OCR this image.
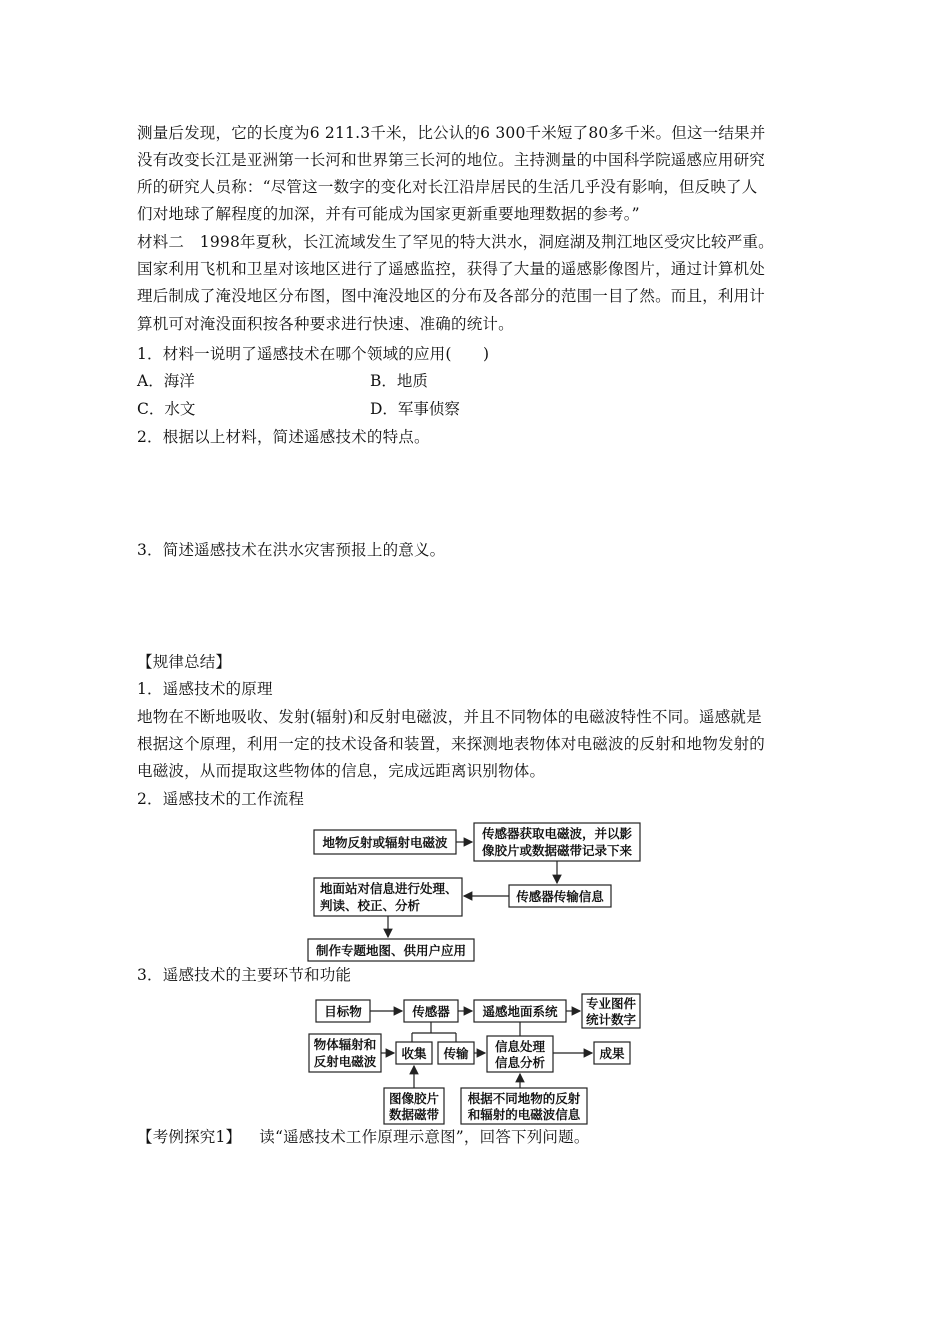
测量后发现，它的长度为6 211.3千米，比公认的6 300千米短了80多千米。但这一结果并
没有改变长江是亚洲第一长河和世界第三长河的地位。主持测量的中国科学院遥感应用研究
所的研究人员称：“尽管这一数字的变化对长江沿岸居民的生活几乎没有影响，但反映了人
们对地球了解程度的加深，并有可能成为国家更新重要地理数据的参考。”
材料二　1998年夏秋，长江流域发生了罕见的特大洪水，洞庭湖及荆江地区受灾比较严重。
国家利用飞机和卫星对该地区进行了遥感监控，获得了大量的遥感影像图片，通过计算机处
理后制成了淹没地区分布图，图中淹没地区的分布及各部分的范围一目了然。而且，利用计
算机可对淹没面积按各种要求进行快速、准确的统计。
1．材料一说明了遥感技术在哪个领域的应用(　　)
A．海洋	B．地质
C．水文	D．军事侦察
2．根据以上材料，简述遥感技术的特点。
3．简述遥感技术在洪水灾害预报上的意义。
【规律总结】
1．遥感技术的原理
地物在不断地吸收、发射(辐射)和反射电磁波，并且不同物体的电磁波特性不同。遥感就是
根据这个原理，利用一定的技术设备和装置，来探测地表物体对电磁波的反射和地物发射的
电磁波，从而提取这些物体的信息，完成远距离识别物体。
2．遥感技术的工作流程
地物反射或辐射电磁波
传感器获取电磁波，并以影
像胶片或数据磁带记录下来
传感器传输信息
地面站对信息进行处理、
判读、校正、分析
制作专题地图、供用户应用
目标物	传感器	遥感地面系统
专业图件
统计数字
物体辐射和
反射电磁波
收集 传输 信息处理
信息分析
成果
图像胶片
数据磁带
根据不同地物的反射
和辐射的电磁波信息
3．遥感技术的主要环节和功能
【考例探究1】 读“遥感技术工作原理示意图”，回答下列问题。
